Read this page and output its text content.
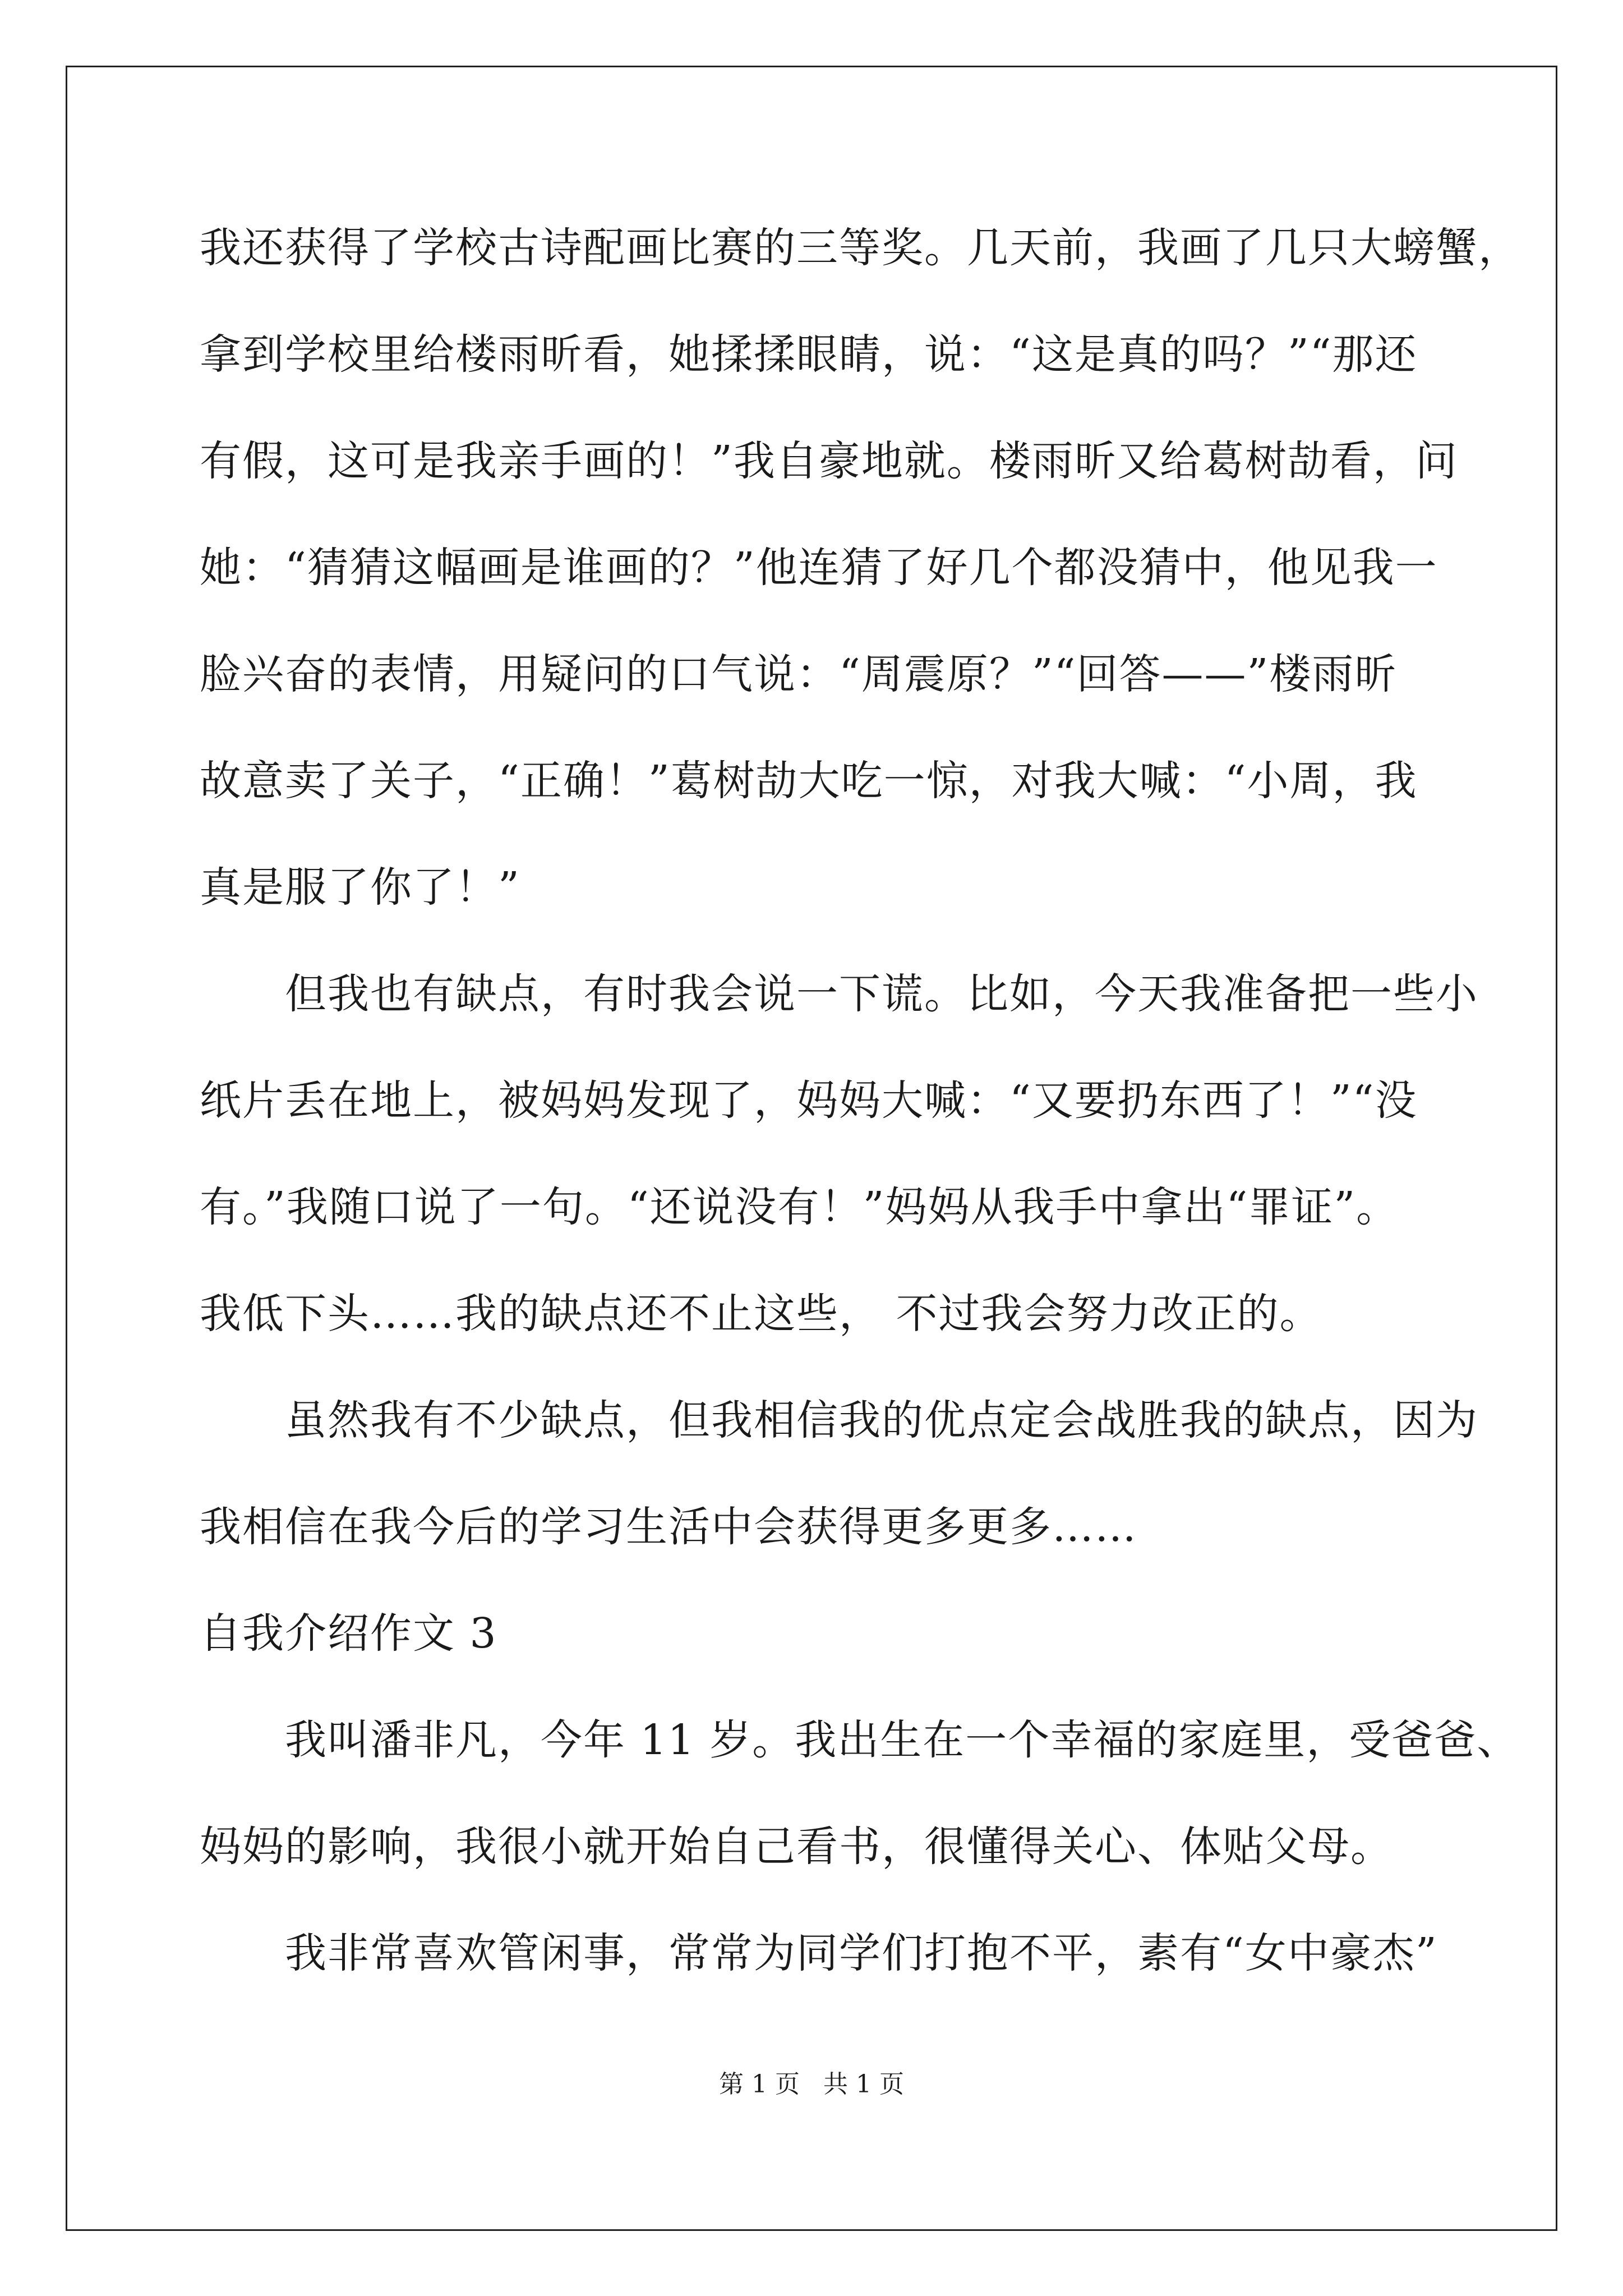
我还获得了学校古诗配画比赛的三等奖。几天前，我画了几只大螃蟹，
拿到学校里给楼雨昕看，她揉揉眼睛，说：“这是真的吗？”“那还
有假，这可是我亲手画的！”我自豪地就。楼雨昕又给葛树劼看，问
她：“猜猜这幅画是谁画的？”他连猜了好几个都没猜中，他见我一
脸兴奋的表情，用疑问的口气说：“周震原？”“回答——”楼雨昕
故意卖了关子，“正确！”葛树劼大吃一惊，对我大喊：“小周，我
真是服了你了！”
　　但我也有缺点，有时我会说一下谎。比如，今天我准备把一些小
纸片丢在地上，被妈妈发现了，妈妈大喊：“又要扔东西了！”“没
有。”我随口说了一句。“还说没有！”妈妈从我手中拿出“罪证”。
我低下头……我的缺点还不止这些， 不过我会努力改正的。
　　虽然我有不少缺点，但我相信我的优点定会战胜我的缺点，因为
我相信在我今后的学习生活中会获得更多更多……
自我介绍作文 3
　　我叫潘非凡，今年 11 岁。我出生在一个幸福的家庭里，受爸爸、
妈妈的影响，我很小就开始自己看书，很懂得关心、体贴父母。
　　我非常喜欢管闲事，常常为同学们打抱不平，素有“女中豪杰”
第 1 页   共 1 页
